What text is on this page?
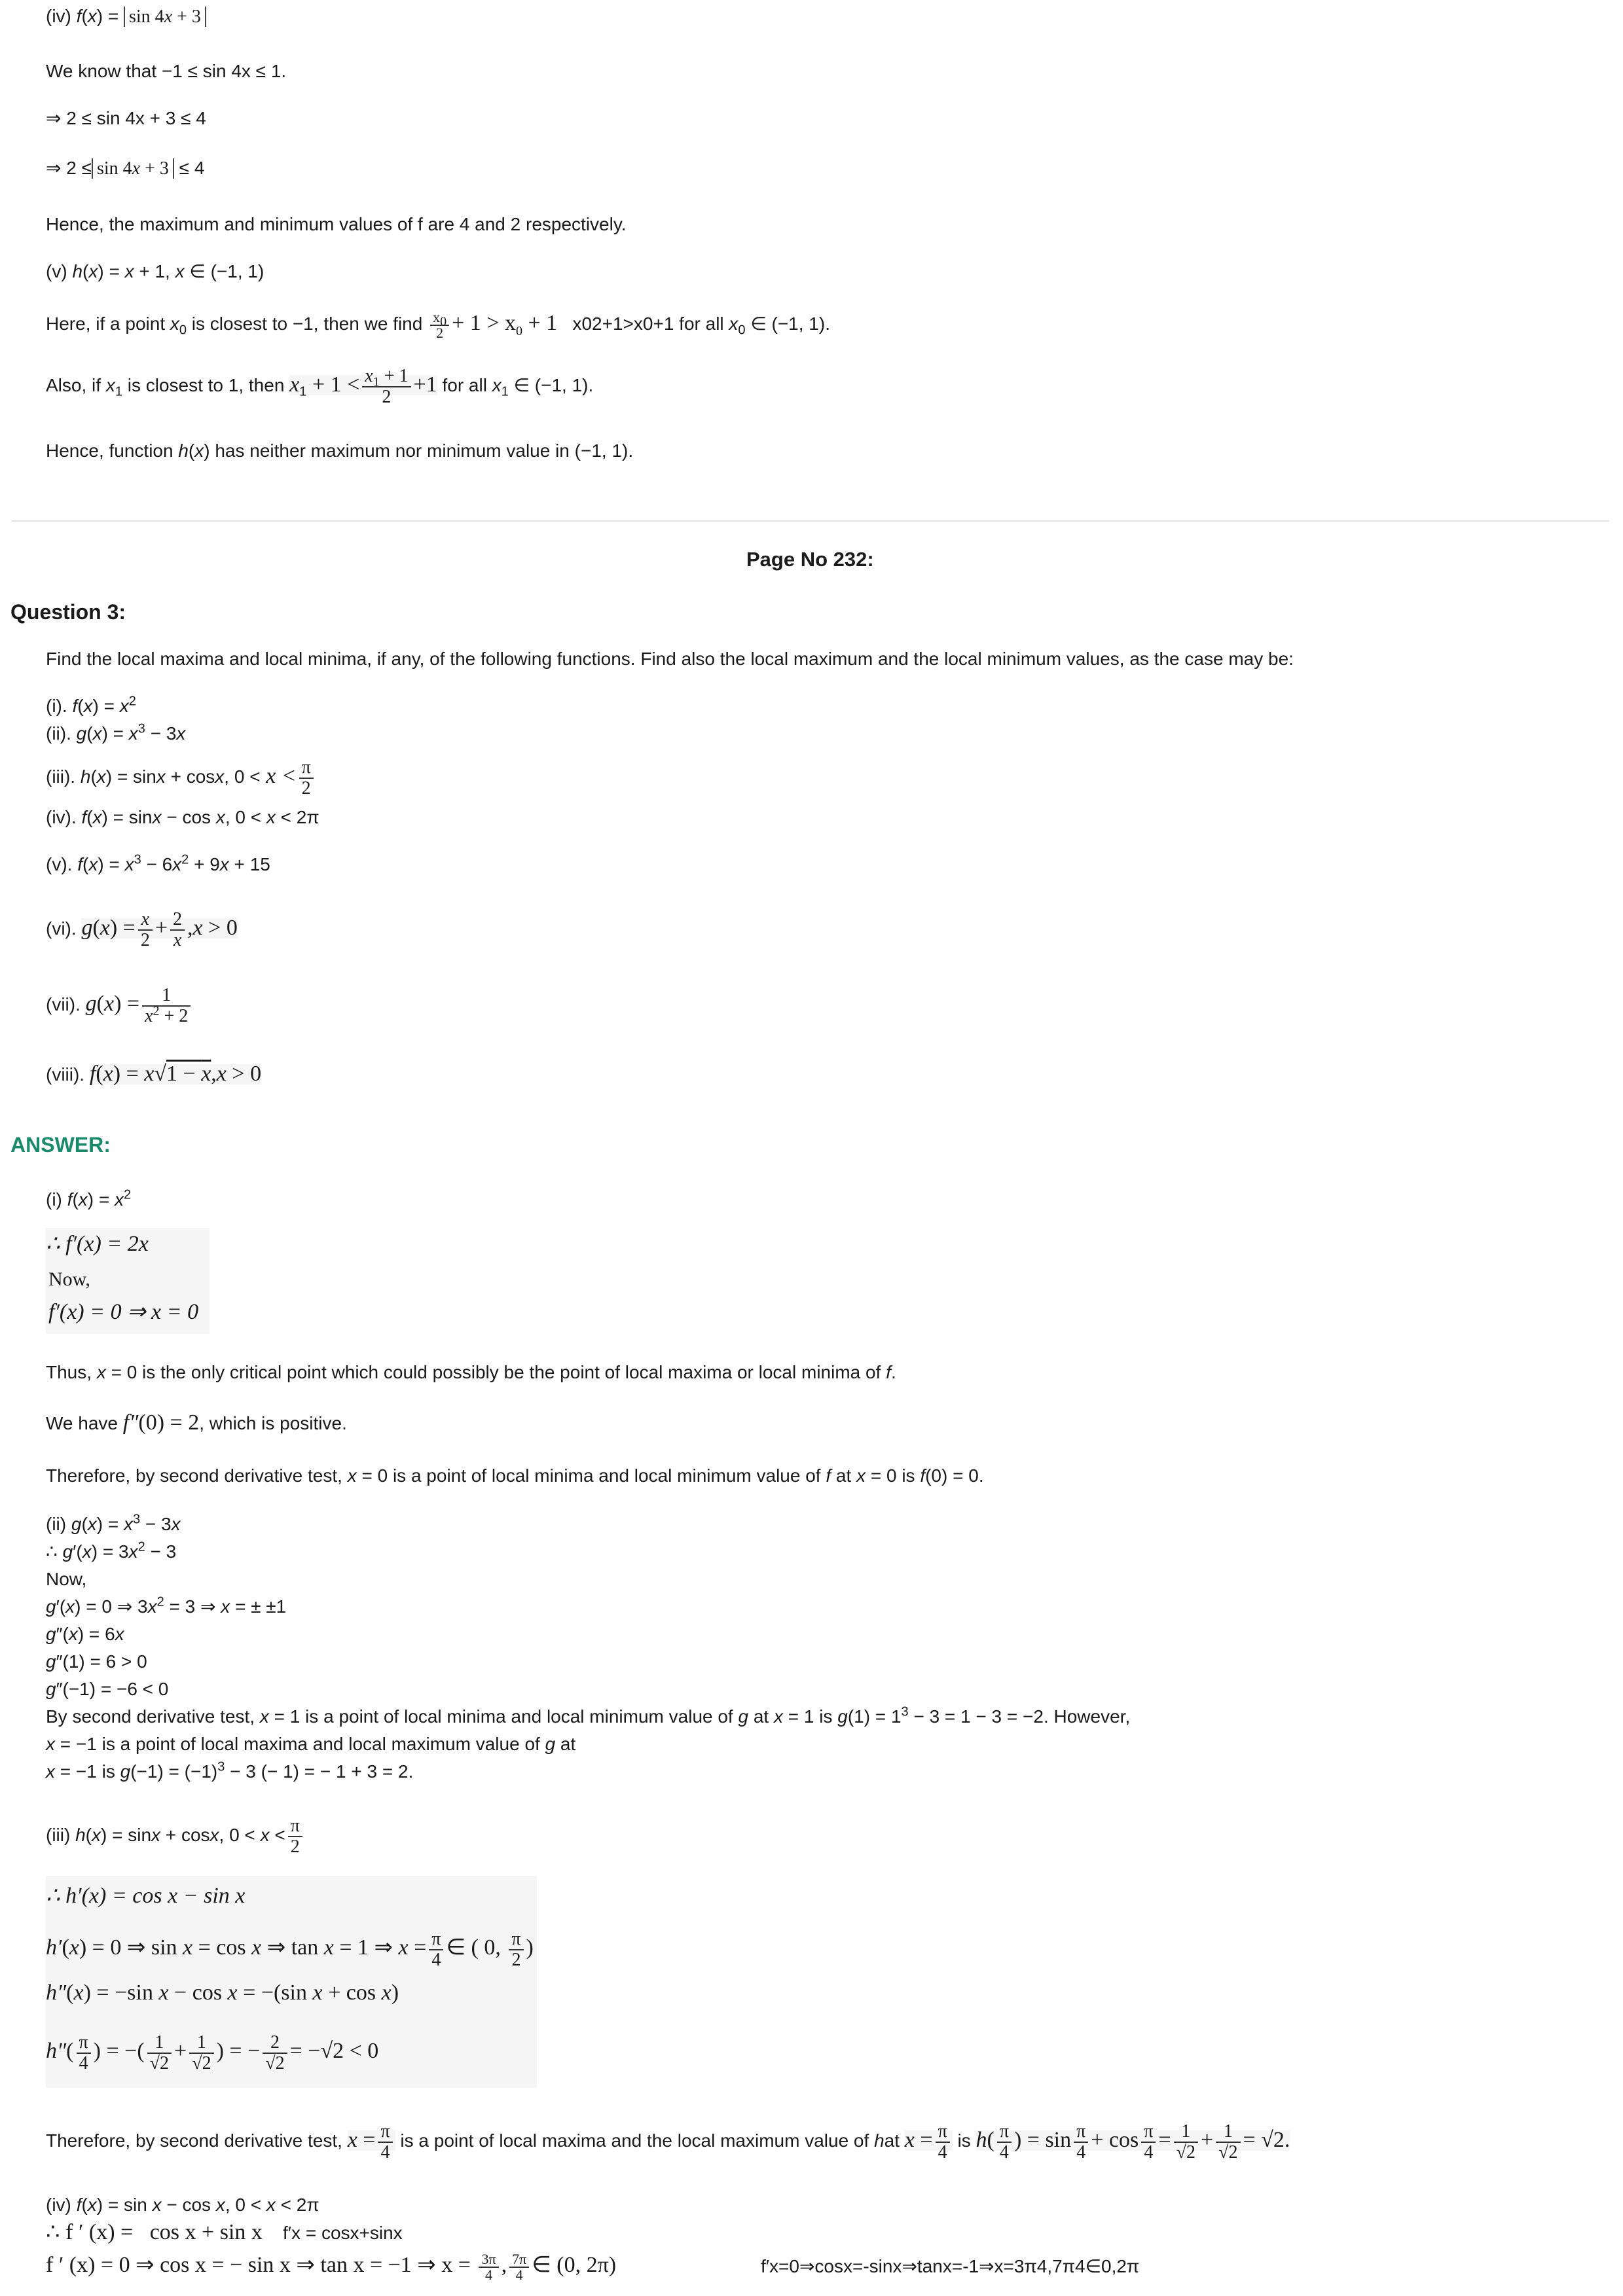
(iv) f(x) = sin 4x + 3
We know that −1 ≤ sin 4x ≤ 1.
⇒ 2 ≤ sin 4x + 3 ≤ 4
⇒ 2 ≤ sin 4x + 3 ≤ 4
Hence, the maximum and minimum values of f are 4 and 2 respectively.
(v) h(x) = x + 1, x ∈ (−1, 1)
Here, if a point $x_0$ is closest to −1, then we find $\frac{x_0}{2} + 1 > x_0 + 1$   x02+1>x0+1 for all $x_0$ ∈ (−1, 1).
Also, if $x_1$ is closest to 1, then $x_1 + 1 < \frac{x_1 + 1}{2} +1$ for all $x_1$ ∈ (−1, 1).
Hence, function h(x) has neither maximum nor minimum value in (−1, 1).
Page No 232:
Question 3:
Find the local maxima and local minima, if any, of the following functions. Find also the local maximum and the local minimum values, as the case may be:
(i). $f(x) = x^2$
(ii). $g(x) = x^3 - 3x$
(iii). h(x) = sinx + cosx, $0 < x < \frac{\pi}{2}$
(iv). f(x) = sinx − cos x, 0 < x < 2π
(v). $f(x) = x^3 - 6x^2 + 9x + 15$
(vi). $g(x) = \frac{x}{2} + \frac{2}{x} ,x > 0$
(vii). $g(x) = \frac{1}{x^2 + 2}$
(viii). f(x) = x√1 − x,x > 0
ANSWER:
(i) $f(x) = x^2$
∴ f′(x) = 2x
Now,
f′(x) = 0 ⇒ x = 0
Thus, x = 0 is the only critical point which could possibly be the point of local maxima or local minima of f.
We have f″(0) = 2, which is positive.
Therefore, by second derivative test, x = 0 is a point of local minima and local minimum value of f at x = 0 is f(0) = 0.
(ii) $g(x) = x^3 - 3x$
∴ $g'(x) = 3x^2 - 3$
Now,
g′(x) = 0 ⇒ $3x^2 = 3$ ⇒ x = ± ±1
g″(x) = 6x
g″(1) = 6 > 0
g″(−1) = −6 < 0
By second derivative test, x = 1 is a point of local minima and local minimum value of g at x = 1 is $g(1) = 1^3 - 3 = 1 - 3 = -2$. However,
x = −1 is a point of local maxima and local maximum value of g at
x = −1 is $g(-1) = (-1)^3 - 3$ (− 1) = − 1 + 3 = 2.
(iii) h(x) = sinx + cosx, $0 < x < \frac{\pi}{2}$
∴ h′(x) = cos x − sin x
h′(x) = 0 ⇒ sin x = cos x ⇒ tan x = 1 ⇒ $x = \frac{\pi}{4}$ ∈ ( 0, $\frac{\pi}{2}$ )
h″(x) = −sin x − cos x = −(sin x + cos x)
$h''( \frac{\pi}{4}$ ) = −( $\frac{1}{√2} + \frac{1}{√2}$ ) = − $\frac{2}{√2} = -√2 < 0$
Therefore, by second derivative test, $x = \frac{\pi}{4}$ is a point of local maxima and the local maximum value of hat $x = \frac{\pi}{4}$ is $h( \frac{\pi}{4}$ ) = $\sin \frac{\pi}{4} + \cos \frac{\pi}{4} = \frac{1}{√2} + \frac{1}{√2} = √2$.
(iv) f(x) = sin x − cos x, 0 < x < 2π
∴ f ′ (x) =   cos x + sin x f′x = cosx+sinx
f ′ (x) = 0 ⇒ cos x = − sin x ⇒ tan x = −1 ⇒ $x = \frac{3\pi}{4}$ , $\frac{7\pi}{4}$ ∈ (0, 2π)	f′x=0⇒cosx=-sinx⇒tanx=-1⇒x=3π4,7π4∈0,2π
